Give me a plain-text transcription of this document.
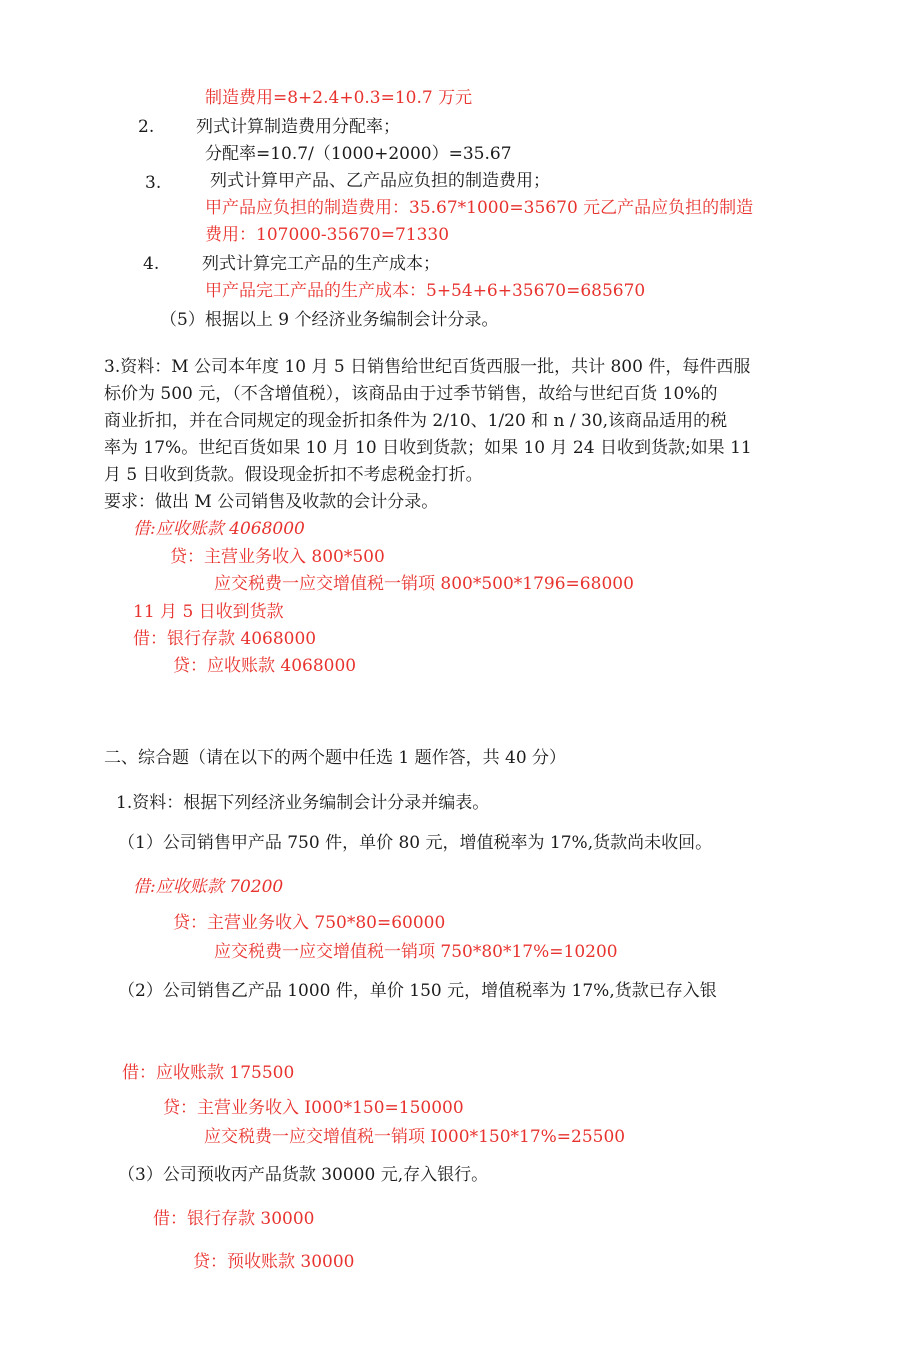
制造费用=8+2.4+0.3=10.7 万元
2. 列式计算制造费用分配率；
分配率=10.7/（1000+2000）=35.67
3.	列式计算甲产品、乙产品应负担的制造费用；
甲产品应负担的制造费用：35.67*1000=35670 元乙产品应负担的制造
费用：107000-35670=71330
4.	列式计算完工产品的生产成本；
甲产品完工产品的生产成本：5+54+6+35670=685670
（5）根据以上 9 个经济业务编制会计分录。
3.资料：M 公司本年度 10 月 5 日销售给世纪百货西服一批，共计 800 件，每件西服
标价为 500 元，（不含增值税），该商品由于过季节销售，故给与世纪百货 10%的
商业折扣，并在合同规定的现金折扣条件为 2/10、1/20 和 n / 30,该商品适用的税
率为 17%。世纪百货如果 10 月 10 日收到货款；如果 10 月 24 日收到货款;如果 11
月 5 日收到货款。假设现金折扣不考虑税金打折。
要求：做出 M 公司销售及收款的会计分录。
借:应收账款 4068000
贷：主营业务收入 800*500
应交税费一应交增值税一销项 800*500*1796=68000
11 月 5 日收到货款
借：银行存款 4068000
贷：应收账款 4068000
二、综合题（请在以下的两个题中任选 1 题作答，共 40 分）
1.资料：根据下列经济业务编制会计分录并编表。
（1）公司销售甲产品 750 件，单价 80 元，增值税率为 17%,货款尚未收回。
借:应收账款 70200
贷：主营业务收入 750*80=60000
应交税费一应交增值税一销项 750*80*17%=10200
（2）公司销售乙产品 1000 件，单价 150 元，增值税率为 17%,货款已存入银
借：应收账款 175500
贷：主营业务收入 I000*150=150000
应交税费一应交增值税一销项 I000*150*17%=25500
（3）公司预收丙产品货款 30000 元,存入银行。
借：银行存款 30000
贷：预收账款 30000
